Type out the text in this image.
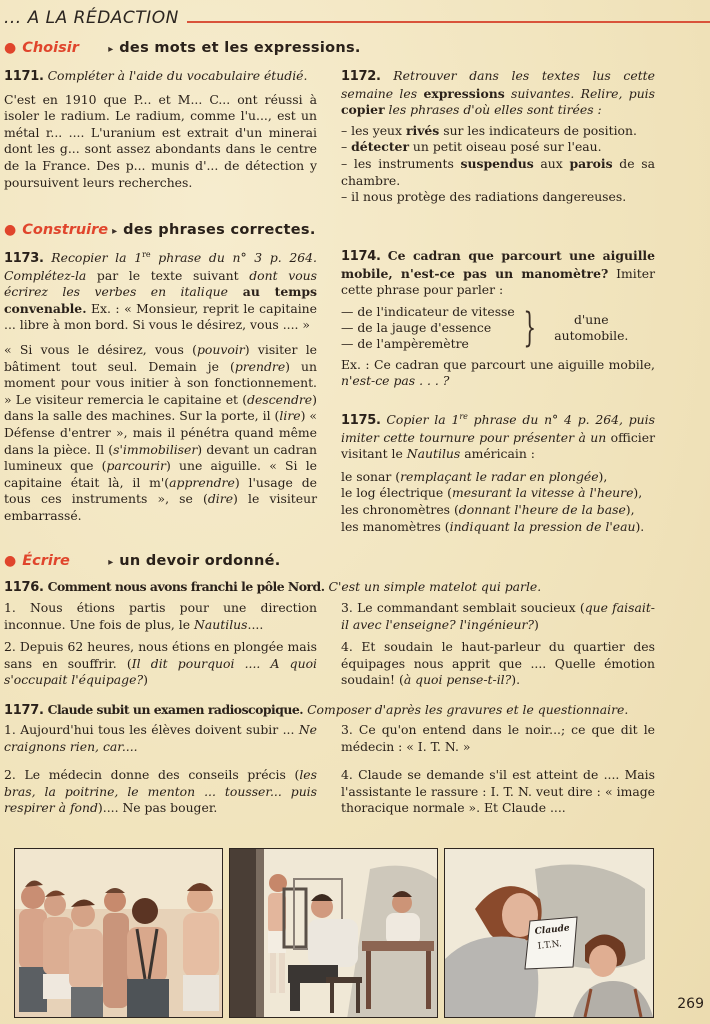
... A LA RÉDACTION
● Choisir	▸ des mots et les expressions.

1171. Compléter à l'aide du vocabulaire étudié.

C'est en 1910 que P... et M... C... ont réussi à isoler le radium. Le radium, comme l'u..., est un métal r... .... L'uranium est extrait d'un minerai dont les g... sont assez abondants dans le centre de la France. Des p... munis d'... de détection y poursuivent leurs recherches.

1172. Retrouver dans les textes lus cette semaine les expressions suivantes. Relire, puis copier les phrases d'où elles sont tirées :

– les yeux rivés sur les indicateurs de position.

– détecter un petit oiseau posé sur l'eau.

– les instruments suspendus aux parois de sa chambre.

– il nous protège des radiations dangereuses.

● Construire ▸ des phrases correctes.

1173. Recopier la 1re phrase du n° 3 p. 264. Complétez-la par le texte suivant dont vous écrirez les verbes en italique au temps convenable. Ex. : « Monsieur, reprit le capitaine ... libre à mon bord. Si vous le désirez, vous .... »

« Si vous le désirez, vous (pouvoir) visiter le bâtiment tout seul. Demain je (prendre) un moment pour vous initier à son fonctionnement. » Le visiteur remercia le capitaine et (descendre) dans la salle des machines. Sur la porte, il (lire) « Défense d'entrer », mais il pénétra quand même dans la pièce. Il (s'immobiliser) devant un cadran lumineux que (parcourir) une aiguille. « Si le capitaine était là, il m'(apprendre) l'usage de tous ces instruments », se (dire) le visiteur embarrassé.

1174. Ce cadran que parcourt une aiguille mobile, n'est-ce pas un manomètre? Imiter cette phrase pour parler :

— de l'indicateur de vitesse
— de la jauge d'essence
— de l'ampèremètre	}	d'une
automobile.

Ex. : Ce cadran que parcourt une aiguille mobile, n'est-ce pas . . . ?

1175. Copier la 1re phrase du n° 4 p. 264, puis imiter cette tournure pour présenter à un officier visitant le Nautilus américain :

le sonar (remplaçant le radar en plongée),

le log électrique (mesurant la vitesse à l'heure),

les chronomètres (donnant l'heure de la base),

les manomètres (indiquant la pression de l'eau).

● Écrire	▸ un devoir ordonné.
1176. Comment nous avons franchi le pôle Nord. C'est un simple matelot qui parle.

1. Nous étions partis pour une direction inconnue. Une fois de plus, le Nautilus....

2. Depuis 62 heures, nous étions en plongée mais sans en souffrir. (Il dit pourquoi .... A quoi s'occupait l'équipage?)

3. Le commandant semblait soucieux (que faisait-il avec l'enseigne? l'ingénieur?)

4. Et soudain le haut-parleur du quartier des équipages nous apprit que .... Quelle émotion soudain! (à quoi pense-t-il?).

1177. Claude subit un examen radioscopique. Composer d'après les gravures et le questionnaire.

1. Aujourd'hui tous les élèves doivent subir ... Ne craignons rien, car....

2. Le médecin donne des conseils précis (les bras, la poitrine, le menton ... tousser... puis respirer à fond).... Ne pas bouger.

3. Ce qu'on entend dans le noir...; ce que dit le médecin : « I. T. N. »

4. Claude se demande s'il est atteint de .... Mais l'assistante le rassure : I. T. N. veut dire : « image thoracique normale ». Et Claude ....

Claude
I.T.N.
269
